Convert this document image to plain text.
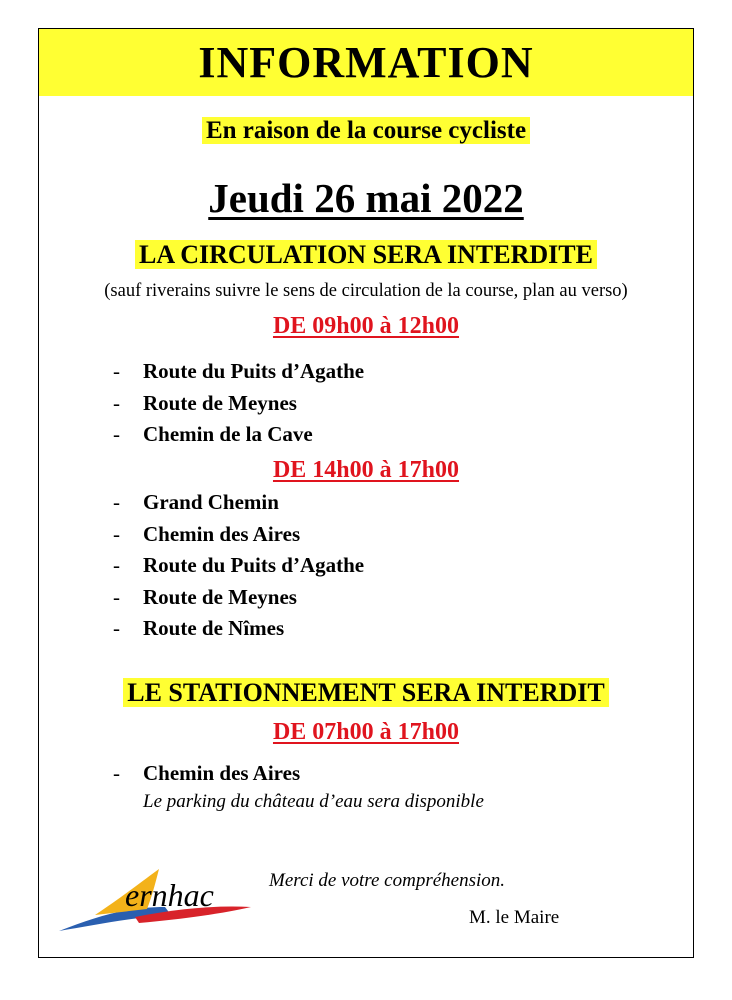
INFORMATION
En raison de la course cycliste
Jeudi 26 mai 2022
LA CIRCULATION SERA INTERDITE
(sauf riverains suivre le sens de circulation de la course, plan au verso)
DE 09h00 à 12h00
-	Route du Puits d’Agathe
-	Route de Meynes
-	Chemin de la Cave
DE 14h00 à 17h00
-	Grand Chemin
-	Chemin des Aires
-	Route du Puits d’Agathe
-	Route de Meynes
-	Route de Nîmes
LE STATIONNEMENT SERA INTERDIT
DE 07h00 à 17h00
-	Chemin des Aires
Le parking du château d’eau sera disponible
ernhac	Merci de votre compréhension.
M. le Maire
